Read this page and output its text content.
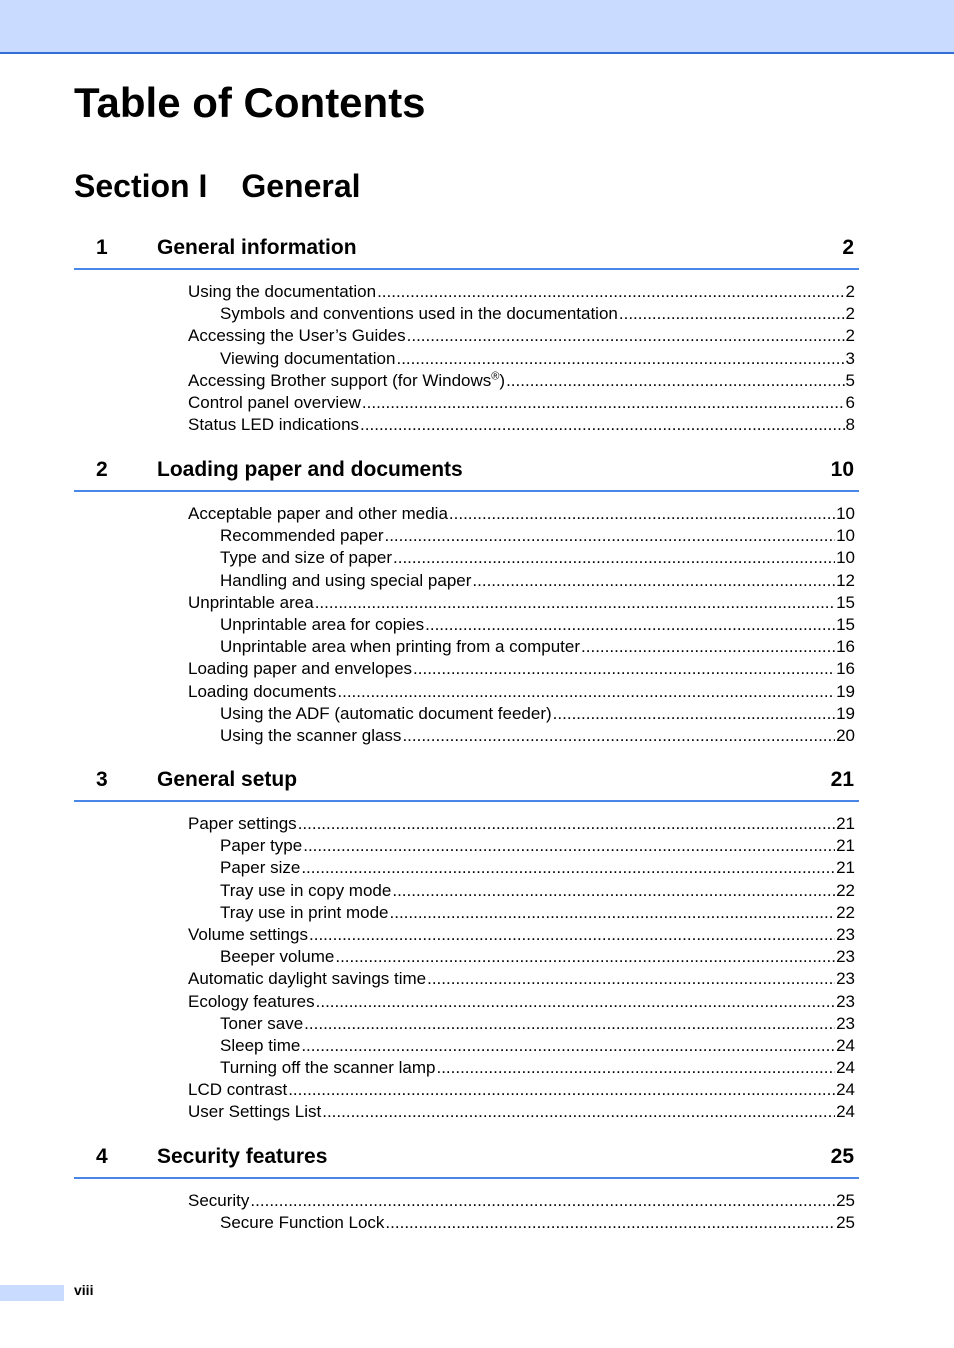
Table of Contents
Section I General
1 General information	2
Using the documentation .....	2
Symbols and conventions used in the documentation .....	2
Accessing the User’s Guides .....	2
Viewing documentation .....	3
Accessing Brother support (for Windows®) .....	5
Control panel overview .....	6
Status LED indications .....	8
2 Loading paper and documents	10
Acceptable paper and other media .....	10
Recommended paper .....	10
Type and size of paper .....	10
Handling and using special paper .....	12
Unprintable area .....	15
Unprintable area for copies .....	15
Unprintable area when printing from a computer .....	16
Loading paper and envelopes .....	16
Loading documents .....	19
Using the ADF (automatic document feeder) .....	19
Using the scanner glass .....	20
3 General setup	21
Paper settings .....	21
Paper type .....	21
Paper size .....	21
Tray use in copy mode .....	22
Tray use in print mode .....	22
Volume settings .....	23
Beeper volume .....	23
Automatic daylight savings time .....	23
Ecology features .....	23
Toner save .....	23
Sleep time .....	24
Turning off the scanner lamp .....	24
LCD contrast .....	24
User Settings List .....	24
4 Security features	25
Security .....	25
Secure Function Lock .....	25
viii
